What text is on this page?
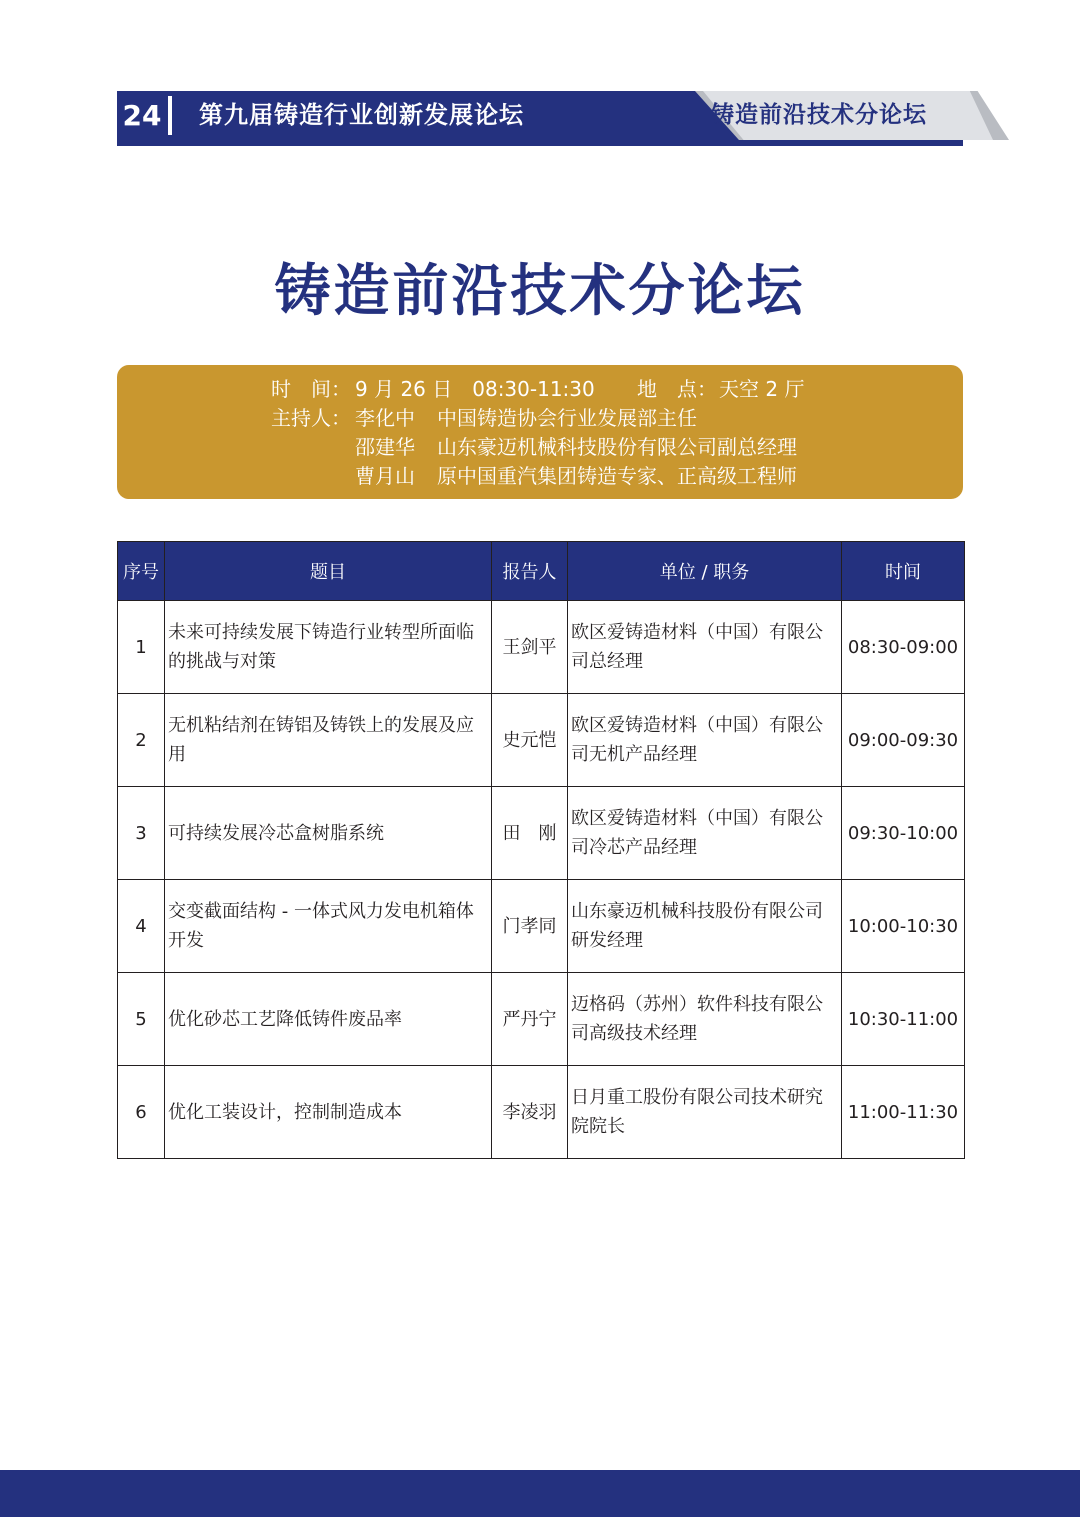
24 第九届铸造行业创新发展论坛	铸造前沿技术分论坛
铸造前沿技术分论坛
时　间： 9 月 26 日　08:30-11:30 地　点： 天空 2 厅
主持人： 李化中 中国铸造协会行业发展部主任
邵建华 山东豪迈机械科技股份有限公司副总经理
曹月山 原中国重汽集团铸造专家、正高级工程师
序号	题目	报告人	单位 / 职务	时间
1	未来可持续发展下铸造行业转型所面临的挑战与对策	王剑平	欧区爱铸造材料（中国）有限公司总经理	08:30-09:00
2	无机粘结剂在铸铝及铸铁上的发展及应用	史元恺	欧区爱铸造材料（中国）有限公司无机产品经理	09:00-09:30
3	可持续发展冷芯盒树脂系统	田　刚	欧区爱铸造材料（中国）有限公司冷芯产品经理	09:30-10:00
4	交变截面结构 - 一体式风力发电机箱体开发	门孝同	山东豪迈机械科技股份有限公司研发经理	10:00-10:30
5	优化砂芯工艺降低铸件废品率	严丹宁	迈格码（苏州）软件科技有限公司高级技术经理	10:30-11:00
6	优化工装设计，控制制造成本	李凌羽	日月重工股份有限公司技术研究院院长	11:00-11:30
